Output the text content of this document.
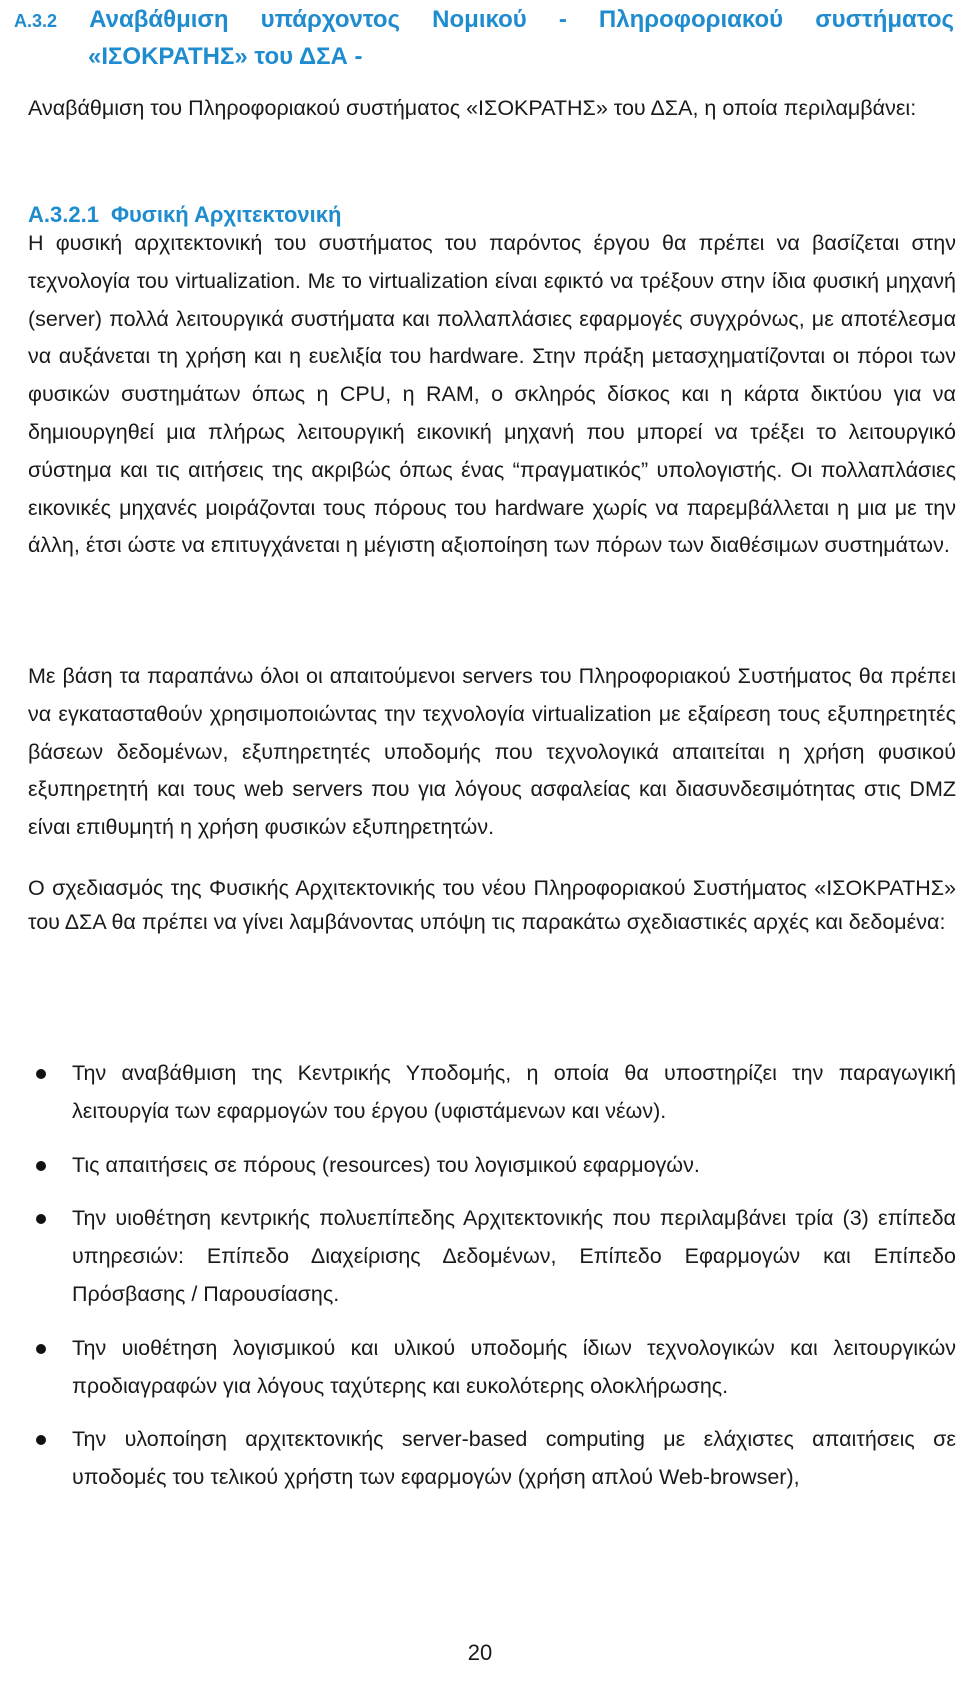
A.3.2 Αναβάθμιση υπάρχοντος Νομικού - Πληροφοριακού συστήματος
«ΙΣΟΚΡΑΤΗΣ» του ΔΣΑ -

Αναβάθμιση του Πληροφοριακού συστήματος «ΙΣΟΚΡΑΤΗΣ» του ΔΣΑ, η οποία περιλαμβάνει:

A.3.2.1 Φυσική Αρχιτεκτονική

Η φυσική αρχιτεκτονική του συστήματος του παρόντος έργου θα πρέπει να βασίζεται στην τεχνολογία του virtualization. Με το virtualization είναι εφικτό να τρέξουν στην ίδια φυσική μηχανή (server) πολλά λειτουργικά συστήματα και πολλαπλάσιες εφαρμογές συγχρόνως, με αποτέλεσμα να αυξάνεται τη χρήση και η ευελιξία του hardware. Στην πράξη μετασχηματίζονται οι πόροι των φυσικών συστημάτων όπως η CPU, η RAM, ο σκληρός δίσκος και η κάρτα δικτύου για να δημιουργηθεί μια πλήρως λειτουργική εικονική μηχανή που μπορεί να τρέξει το λειτουργικό σύστημα και τις αιτήσεις της ακριβώς όπως ένας “πραγματικός” υπολογιστής. Οι πολλαπλάσιες εικονικές μηχανές μοιράζονται τους πόρους του hardware χωρίς να παρεμβάλλεται η μια με την άλλη, έτσι ώστε να επιτυγχάνεται η μέγιστη αξιοποίηση των πόρων των διαθέσιμων συστημάτων.

Με βάση τα παραπάνω όλοι οι απαιτούμενοι servers του Πληροφοριακού Συστήματος θα πρέπει να εγκατασταθούν χρησιμοποιώντας την τεχνολογία virtualization με εξαίρεση τους εξυπηρετητές βάσεων δεδομένων, εξυπηρετητές υποδομής που τεχνολογικά απαιτείται η χρήση φυσικού εξυπηρετητή και τους web servers που για λόγους ασφαλείας και διασυνδεσιμότητας στις DMZ είναι επιθυμητή η χρήση φυσικών εξυπηρετητών.

Ο σχεδιασμός της Φυσικής Αρχιτεκτονικής του νέου Πληροφοριακού Συστήματος «ΙΣΟΚΡΑΤΗΣ» του ΔΣΑ θα πρέπει να γίνει λαμβάνοντας υπόψη τις παρακάτω σχεδιαστικές αρχές και δεδομένα:

Την αναβάθμιση της Κεντρικής Υποδομής, η οποία θα υποστηρίζει την παραγωγική λειτουργία των εφαρμογών του έργου (υφιστάμενων και νέων).
Τις απαιτήσεις σε πόρους (resources) του λογισμικού εφαρμογών.
Την υιοθέτηση κεντρικής πολυεπίπεδης Αρχιτεκτονικής που περιλαμβάνει τρία (3) επίπεδα υπηρεσιών: Επίπεδο Διαχείρισης Δεδομένων, Επίπεδο Εφαρμογών και Επίπεδο Πρόσβασης / Παρουσίασης.
Την υιοθέτηση λογισμικού και υλικού υποδομής ίδιων τεχνολογικών και λειτουργικών προδιαγραφών για λόγους ταχύτερης και ευκολότερης ολοκλήρωσης.
Την υλοποίηση αρχιτεκτονικής server-based computing με ελάχιστες απαιτήσεις σε υποδομές του τελικού χρήστη των εφαρμογών (χρήση απλού Web-browser),
20
